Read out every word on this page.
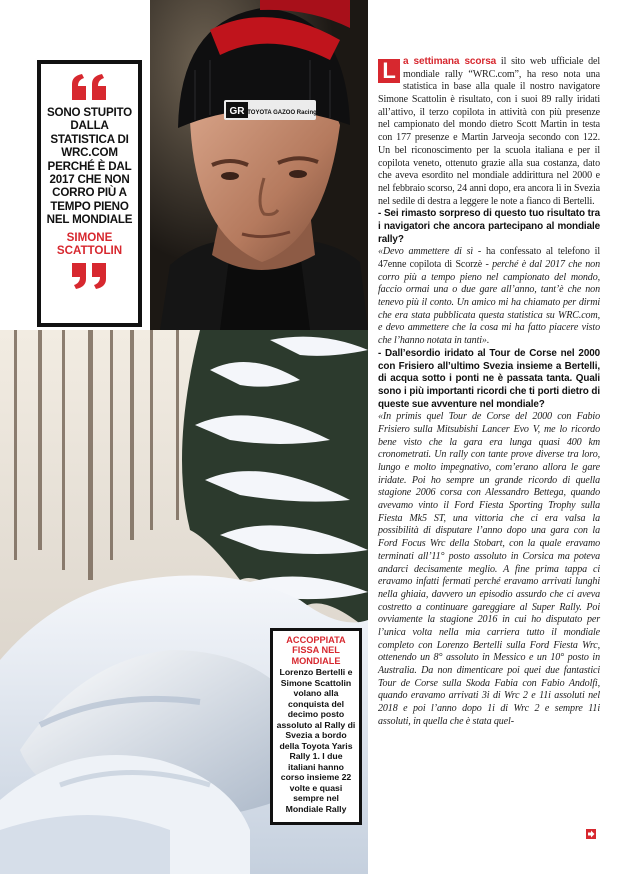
GR TOYOTA GAZOO Racing
SONO STUPITO DALLA STATISTICA DI WRC.COM PERCHÉ È DAL 2017 CHE NON CORRO PIÙ A TEMPO PIENO NEL MONDIALE
SIMONE SCATTOLIN
ACCOPPIATA FISSA NEL MONDIALE
Lorenzo Bertelli e Simone Scattolin volano alla conquista del decimo posto assoluto al Rally di Svezia a bordo della Toyota Yaris Rally 1. I due italiani hanno corso insieme 22 volte e quasi sempre nel Mondiale Rally

L a settimana scorsa il sito web ufficiale del mondiale rally “WRC.com”, ha reso nota una statistica in base alla quale il nostro navigatore Simone Scattolin è risultato, con i suoi 89 rally iridati all’attivo, il terzo copilota in attività con più presenze nel campionato del mondo dietro Scott Martin in testa con 177 presenze e Martin Jarveoja secondo con 122. Un bel riconoscimento per la scuola italiana e per il copilota veneto, ottenuto grazie alla sua costanza, dato che aveva esordito nel mondiale addirittura nel 2000 e nel febbraio scorso, 24 anni dopo, era ancora lì in Svezia nel sedile di destra a leggere le note a fianco di Bertelli.

- Sei rimasto sorpreso di questo tuo risultato tra i navigatori che ancora partecipano al mondiale rally?

«Devo ammettere di sì - ha confessato al telefono il 47enne copilota di Scorzè - perché è dal 2017 che non corro più a tempo pieno nel campionato del mondo, faccio ormai una o due gare all’anno, tant’è che non tenevo più il conto. Un amico mi ha chiamato per dirmi che era stata pubblicata questa statistica su WRC.com, e devo ammettere che la cosa mi ha fatto piacere visto che l’hanno notata in tanti».

- Dall’esordio iridato al Tour de Corse nel 2000 con Frisiero all’ultimo Svezia insieme a Bertelli, di acqua sotto i ponti ne è passata tanta. Quali sono i più importanti ricordi che ti porti dietro di queste sue avventure nel mondiale?

«In primis quel Tour de Corse del 2000 con Fabio Frisiero sulla Mitsubishi Lancer Evo V, me lo ricordo bene visto che la gara era lunga quasi 400 km cronometrati. Un rally con tante prove diverse tra loro, lungo e molto impegnativo, com’erano allora le gare iridate. Poi ho sempre un grande ricordo di quella stagione 2006 corsa con Alessandro Bettega, quando avevamo vinto il Ford Fiesta Sporting Trophy sulla Fiesta Mk5 ST, una vittoria che ci era valsa la possibilità di disputare l’anno dopo una gara con la Ford Focus Wrc della Stobart, con la quale eravamo terminati all’11° posto assoluto in Corsica ma poteva andarci decisamente meglio. A fine prima tappa ci eravamo infatti fermati perché eravamo arrivati lunghi nella ghiaia, davvero un episodio assurdo che ci aveva costretto a continuare gareggiare al Super Rally. Poi ovviamente la stagione 2016 in cui ho disputato per l’unica volta nella mia carriera tutto il mondiale completo con Lorenzo Bertelli sulla Ford Fiesta Wrc, ottenendo un 8° assoluto in Messico e un 10° posto in Australia. Da non dimenticare poi quei due fantastici Tour de Corse sulla Skoda Fabia con Fabio Andolfi, quando eravamo arrivati 3i di Wrc 2 e 11i assoluti nel 2018 e poi l’anno dopo 1i di Wrc 2 e sempre 11i assoluti, in quella che è stata quel-
